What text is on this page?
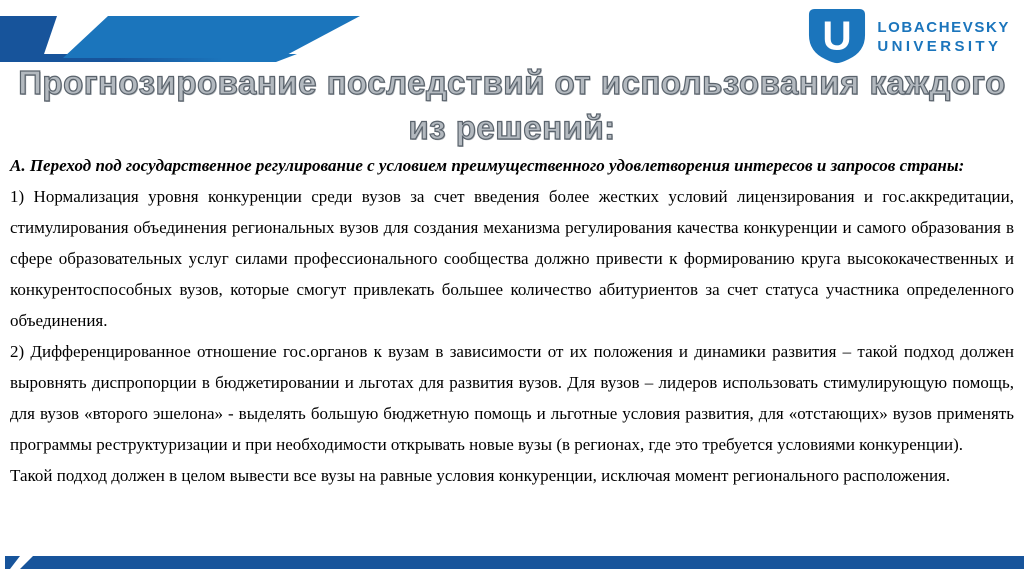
U LOBACHEVSKY
UNIVERSITY
Прогнозирование последствий от использования каждого
из решений:

А. Переход под государственное регулирование с условием преимущественного удовлетворения интересов и запросов страны:

1) Нормализация уровня конкуренции среди вузов за счет введения более жестких условий лицензирования и гос.аккредитации, стимулирования объединения региональных вузов для создания механизма регулирования качества конкуренции и самого образования в сфере образовательных услуг силами профессионального сообщества должно привести к формированию круга высококачественных и конкурентоспособных вузов, которые смогут привлекать большее количество абитуриентов за счет статуса участника определенного объединения.

2) Дифференцированное отношение гос.органов к вузам в зависимости от их положения и динамики развития – такой подход должен выровнять диспропорции в бюджетировании и льготах для развития вузов. Для вузов – лидеров использовать стимулирующую помощь, для вузов «второго эшелона» - выделять большую бюджетную помощь и льготные условия развития, для «отстающих» вузов применять программы реструктуризации и при необходимости открывать новые вузы (в регионах, где это требуется условиями конкуренции).

Такой подход должен в целом вывести все вузы на равные условия конкуренции, исключая момент регионального расположения.
